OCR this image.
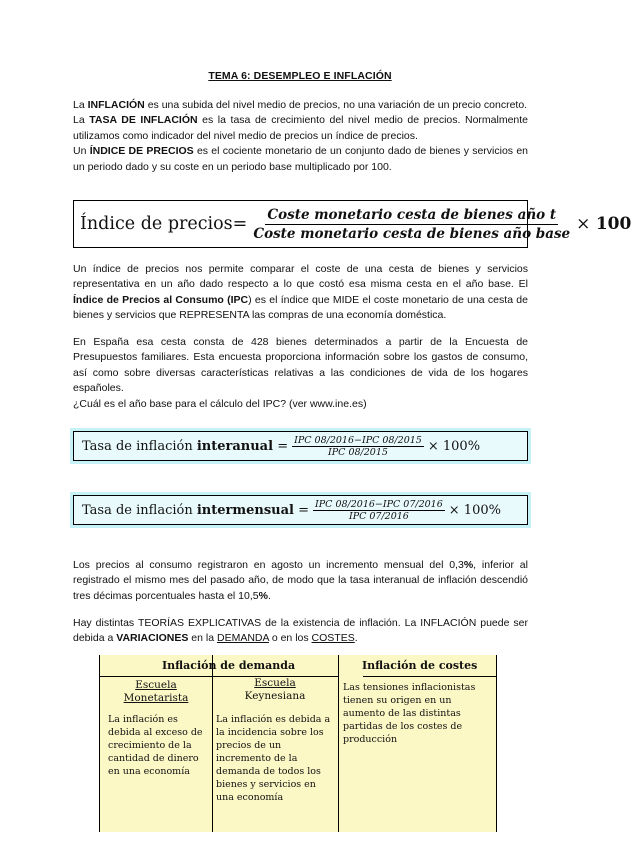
TEMA 6: DESEMPLEO E INFLACIÓN

La INFLACIÓN es una subida del nivel medio de precios, no una variación de un precio concreto.
La TASA DE INFLACIÓN es la tasa de crecimiento del nivel medio de precios. Normalmente utilizamos como indicador del nivel medio de precios un índice de precios.
Un ÍNDICE DE PRECIOS es el cociente monetario de un conjunto dado de bienes y servicios en un periodo dado y su coste en un periodo base multiplicado por 100.

Índice de precios= $\frac{\text{Coste monetario cesta de bienes año t}}{\text{Coste monetario cesta de bienes año base}} \times 100$

Un índice de precios nos permite comparar el coste de una cesta de bienes y servicios representativa en un año dado respecto a lo que costó esa misma cesta en el año base. El Índice de Precios al Consumo (IPC) es el índice que MIDE el coste monetario de una cesta de bienes y servicios que REPRESENTA las compras de una economía doméstica.

En España esa cesta consta de 428 bienes determinados a partir de la Encuesta de Presupuestos familiares. Esta encuesta proporciona información sobre los gastos de consumo, así como sobre diversas características relativas a las condiciones de vida de los hogares españoles.
¿Cuál es el año base para el cálculo del IPC? (ver www.ine.es)

Tasa de inflación interanual = $\frac{\text{IPC 08/2016−IPC 08/2015}}{\text{IPC 08/2015}} \times 100\%$
Tasa de inflación intermensual = $\frac{\text{IPC 08/2016−IPC 07/2016}}{\text{IPC 07/2016}} \times 100\%$

Los precios al consumo registraron en agosto un incremento mensual del 0,3%, inferior al registrado el mismo mes del pasado año, de modo que la tasa interanual de inflación descendió tres décimas porcentuales hasta el 10,5%.

Hay distintas TEORÍAS EXPLICATIVAS de la existencia de inflación. La INFLACIÓN puede ser debida a VARIACIONES en la DEMANDA o en los COSTES.

Inflación de demanda	Inflación de costes
Escuela
Monetarista
Escuela
Keynesiana
La inflación es debida al exceso de crecimiento de la cantidad de dinero en una economía
La inflación es debida a la incidencia sobre los precios de un incremento de la demanda de todos los bienes y servicios en una economía
Las tensiones inflacionistas tienen su origen en un aumento de las distintas partidas de los costes de producción
